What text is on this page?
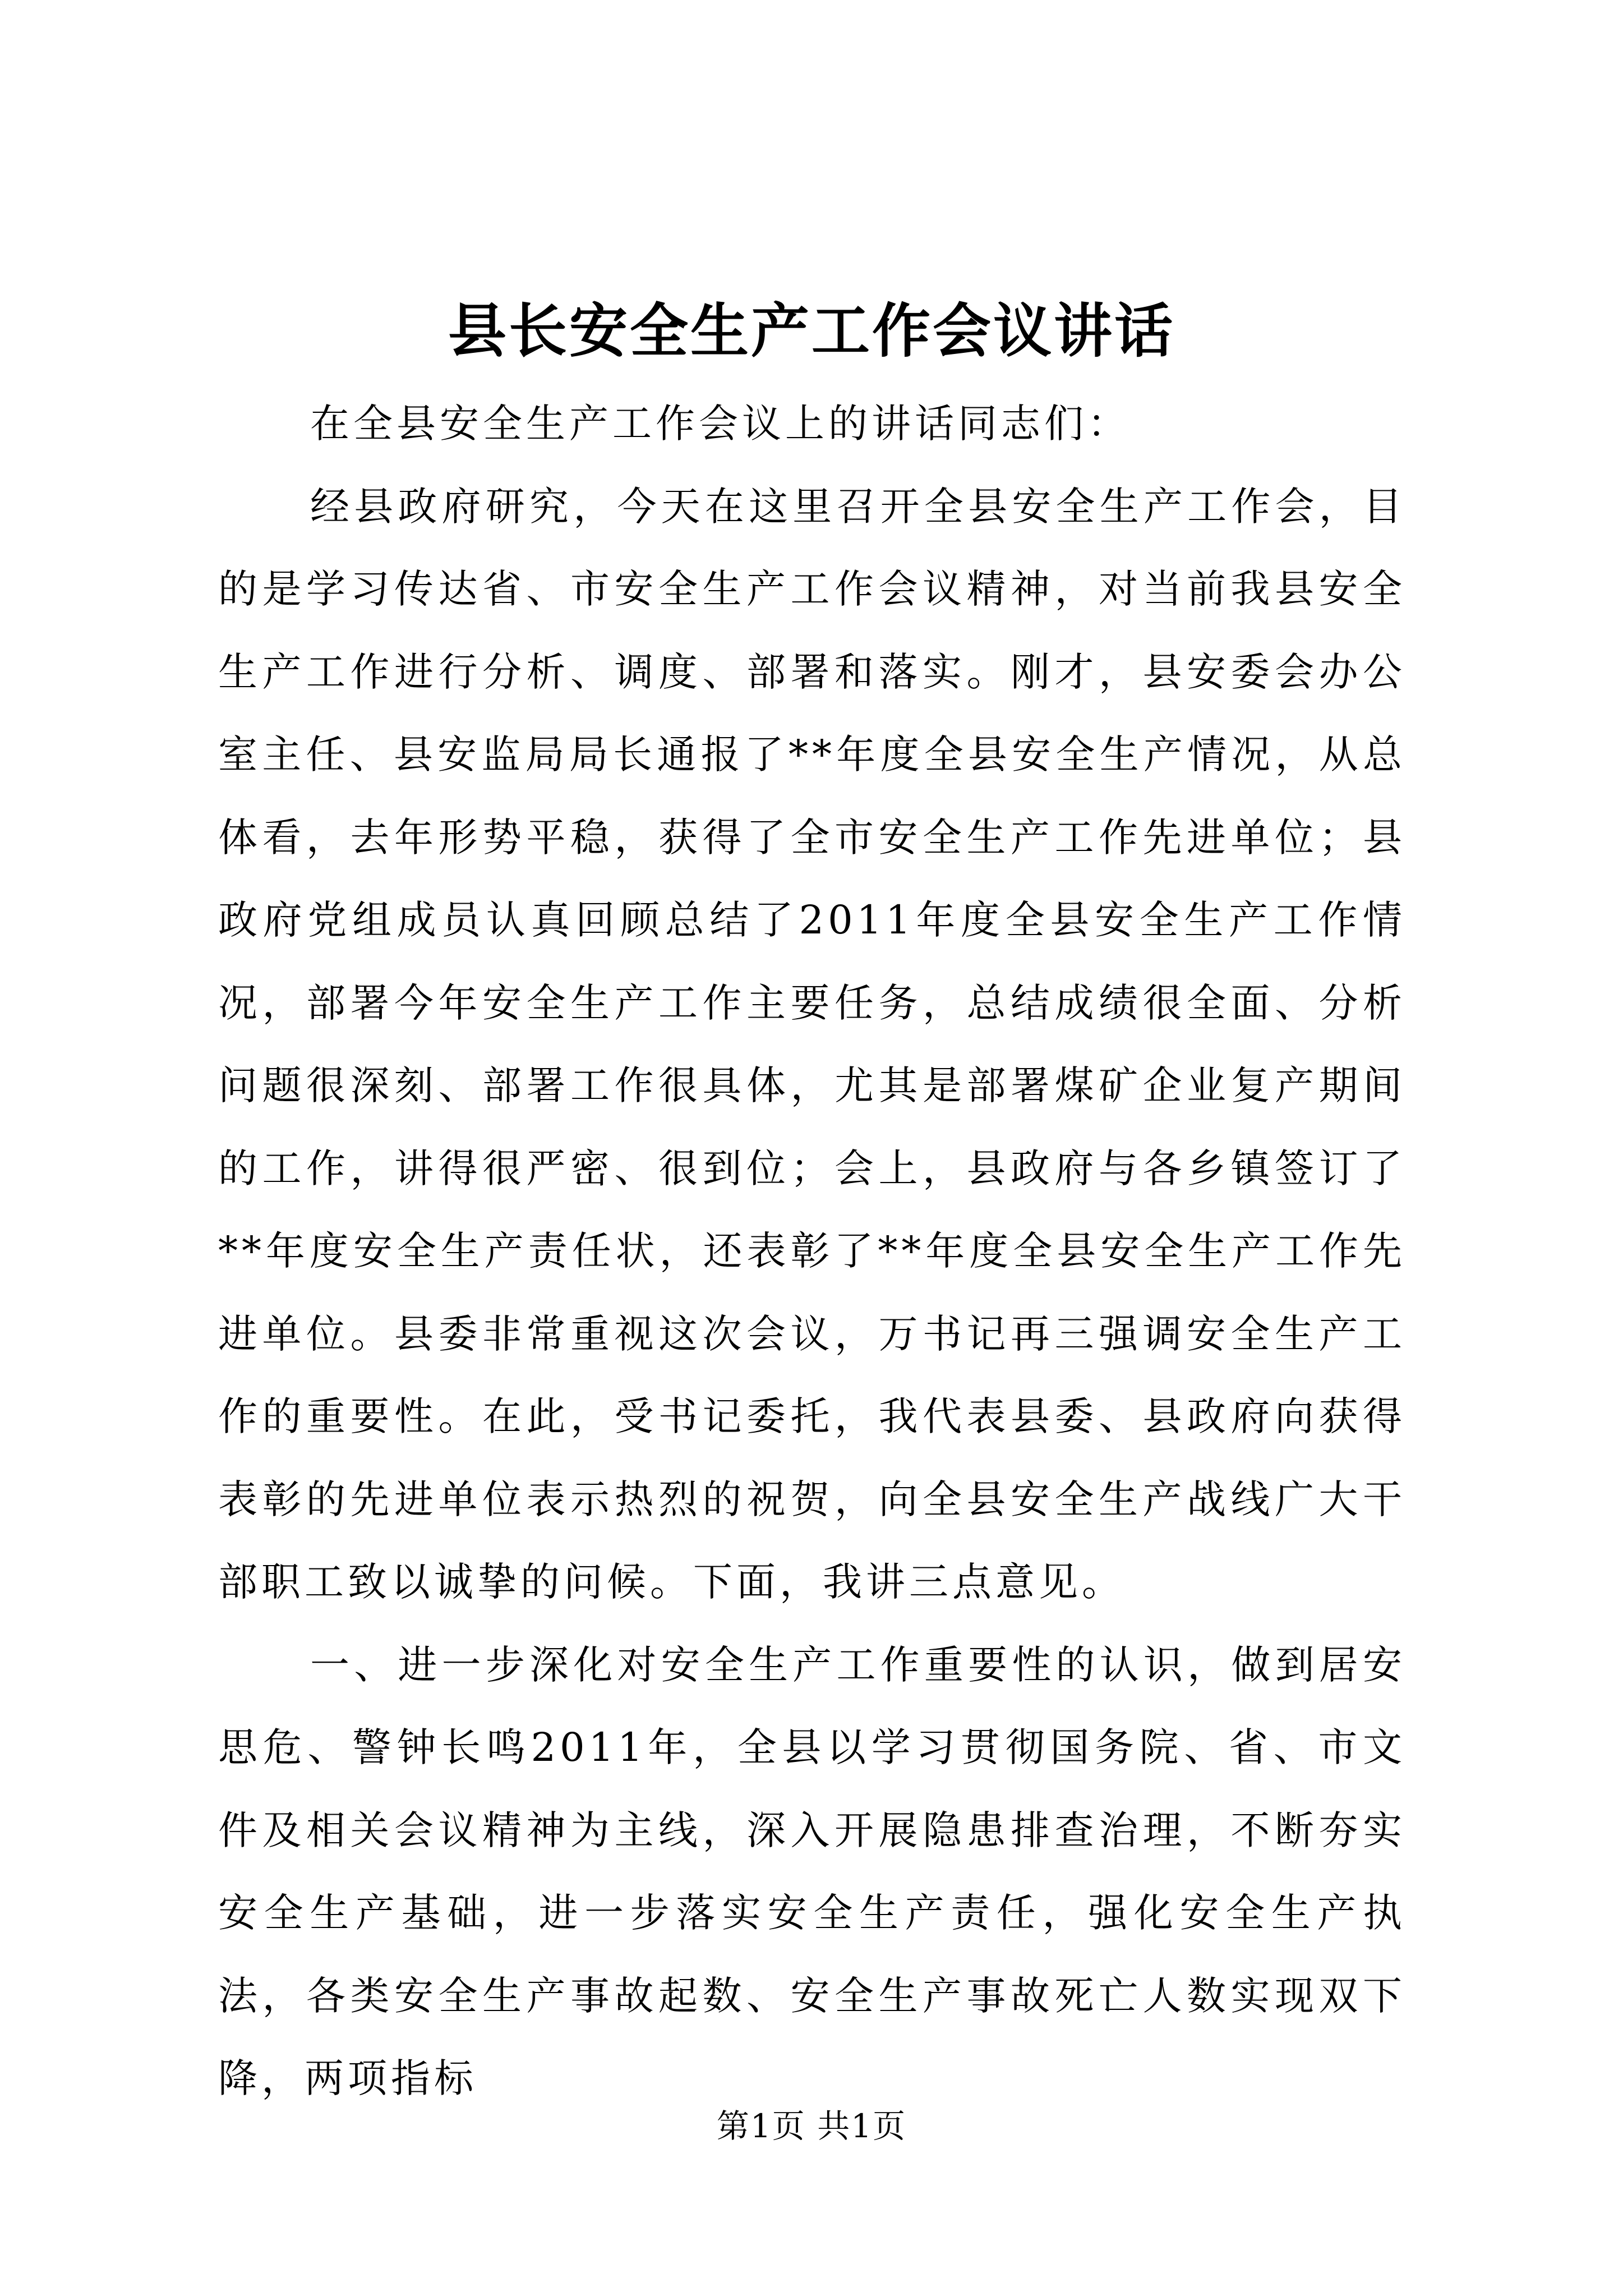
县长安全生产工作会议讲话

在全县安全生产工作会议上的讲话同志们：

经县政府研究，今天在这里召开全县安全生产工作会，目的是学习传达省、市安全生产工作会议精神，对当前我县安全生产工作进行分析、调度、部署和落实。刚才，县安委会办公室主任、县安监局局长通报了**年度全县安全生产情况，从总体看，去年形势平稳，获得了全市安全生产工作先进单位；县政府党组成员认真回顾总结了2011年度全县安全生产工作情况，部署今年安全生产工作主要任务，总结成绩很全面、分析问题很深刻、部署工作很具体，尤其是部署煤矿企业复产期间的工作，讲得很严密、很到位；会上，县政府与各乡镇签订了**年度安全生产责任状，还表彰了**年度全县安全生产工作先进单位。县委非常重视这次会议，万书记再三强调安全生产工作的重要性。在此，受书记委托，我代表县委、县政府向获得表彰的先进单位表示热烈的祝贺，向全县安全生产战线广大干部职工致以诚挚的问候。下面，我讲三点意见。

一、进一步深化对安全生产工作重要性的认识，做到居安思危、警钟长鸣2011年，全县以学习贯彻国务院、省、市文件及相关会议精神为主线，深入开展隐患排查治理，不断夯实安全生产基础，进一步落实安全生产责任，强化安全生产执法，各类安全生产事故起数、安全生产事故死亡人数实现双下降，两项指标

第1页 共1页
